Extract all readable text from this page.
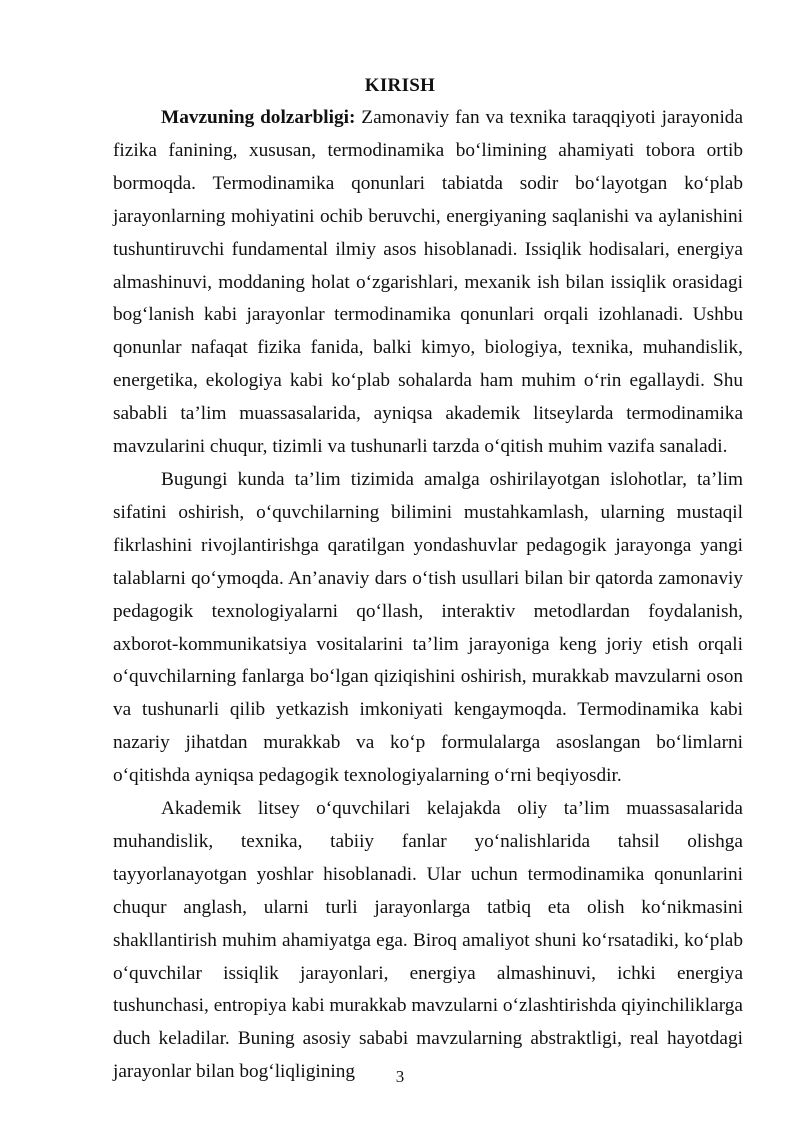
KIRISH

Mavzuning dolzarbligi: Zamonaviy fan va texnika taraqqiyoti jarayonida fizika fanining, xususan, termodinamika bo‘limining ahamiyati tobora ortib bormoqda. Termodinamika qonunlari tabiatda sodir bo‘layotgan ko‘plab jarayonlarning mohiyatini ochib beruvchi, energiyaning saqlanishi va aylanishini tushuntiruvchi fundamental ilmiy asos hisoblanadi. Issiqlik hodisalari, energiya almashinuvi, moddaning holat o‘zgarishlari, mexanik ish bilan issiqlik orasidagi bog‘lanish kabi jarayonlar termodinamika qonunlari orqali izohlanadi. Ushbu qonunlar nafaqat fizika fanida, balki kimyo, biologiya, texnika, muhandislik, energetika, ekologiya kabi ko‘plab sohalarda ham muhim o‘rin egallaydi. Shu sababli ta’lim muassasalarida, ayniqsa akademik litseylarda termodinamika mavzularini chuqur, tizimli va tushunarli tarzda o‘qitish muhim vazifa sanaladi.

Bugungi kunda ta’lim tizimida amalga oshirilayotgan islohotlar, ta’lim sifatini oshirish, o‘quvchilarning bilimini mustahkamlash, ularning mustaqil fikrlashini rivojlantirishga qaratilgan yondashuvlar pedagogik jarayonga yangi talablarni qo‘ymoqda. An’anaviy dars o‘tish usullari bilan bir qatorda zamonaviy pedagogik texnologiyalarni qo‘llash, interaktiv metodlardan foydalanish, axborot-kommunikatsiya vositalarini ta’lim jarayoniga keng joriy etish orqali o‘quvchilarning fanlarga bo‘lgan qiziqishini oshirish, murakkab mavzularni oson va tushunarli qilib yetkazish imkoniyati kengaymoqda. Termodinamika kabi nazariy jihatdan murakkab va ko‘p formulalarga asoslangan bo‘limlarni o‘qitishda ayniqsa pedagogik texnologiyalarning o‘rni beqiyosdir.

Akademik litsey o‘quvchilari kelajakda oliy ta’lim muassasalarida muhandislik, texnika, tabiiy fanlar yo‘nalishlarida tahsil olishga tayyorlanayotgan yoshlar hisoblanadi. Ular uchun termodinamika qonunlarini chuqur anglash, ularni turli jarayonlarga tatbiq eta olish ko‘nikmasini shakllantirish muhim ahamiyatga ega. Biroq amaliyot shuni ko‘rsatadiki, ko‘plab o‘quvchilar issiqlik jarayonlari, energiya almashinuvi, ichki energiya tushunchasi, entropiya kabi murakkab mavzularni o‘zlashtirishda qiyinchiliklarga duch keladilar. Buning asosiy sababi mavzularning abstraktligi, real hayotdagi jarayonlar bilan bog‘liqligining	3
